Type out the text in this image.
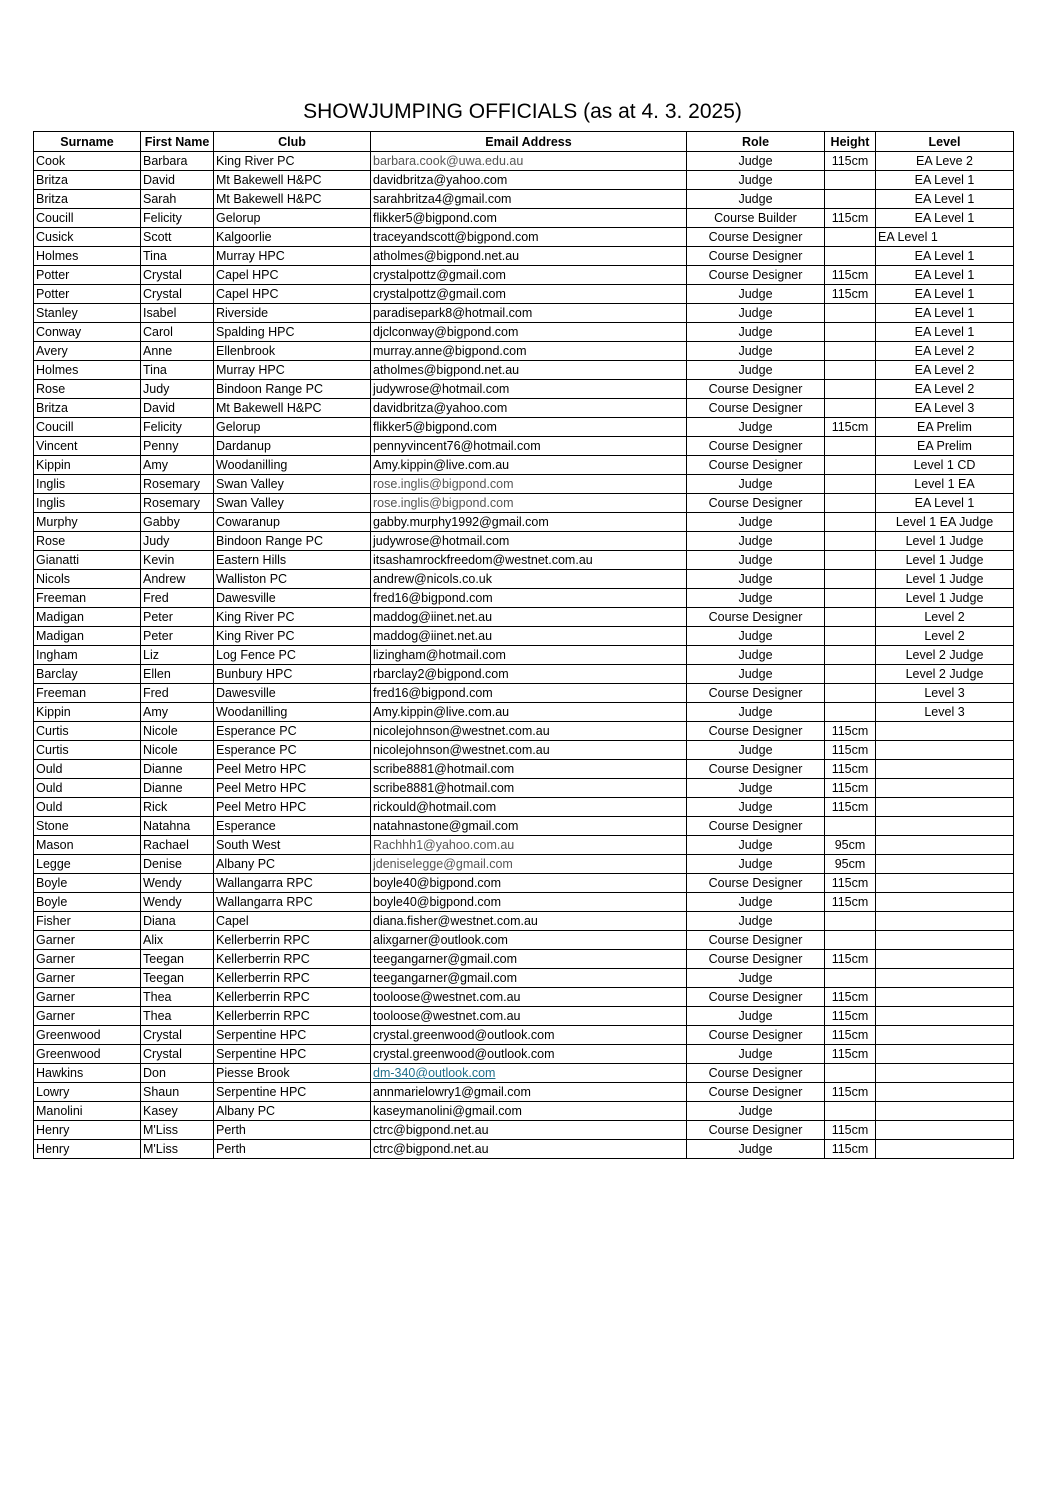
SHOWJUMPING OFFICIALS (as at 4. 3. 2025)
Surname	First Name	Club	Email Address	Role	Height	Level
Cook	Barbara	King River PC	barbara.cook@uwa.edu.au	Judge	115cm	EA Leve 2
Britza	David	Mt Bakewell H&PC	davidbritza@yahoo.com	Judge		EA Level 1
Britza	Sarah	Mt Bakewell H&PC	sarahbritza4@gmail.com	Judge		EA Level 1
Coucill	Felicity	Gelorup	flikker5@bigpond.com	Course Builder	115cm	EA Level 1
Cusick	Scott	Kalgoorlie	traceyandscott@bigpond.com	Course Designer		EA Level 1
Holmes	Tina	Murray HPC	atholmes@bigpond.net.au	Course Designer		EA Level 1
Potter	Crystal	Capel HPC	crystalpottz@gmail.com	Course Designer	115cm	EA Level 1
Potter	Crystal	Capel HPC	crystalpottz@gmail.com	Judge	115cm	EA Level 1
Stanley	Isabel	Riverside	paradisepark8@hotmail.com	Judge		EA Level 1
Conway	Carol	Spalding HPC	djclconway@bigpond.com	Judge		EA Level 1
Avery	Anne	Ellenbrook	murray.anne@bigpond.com	Judge		EA Level 2
Holmes	Tina	Murray HPC	atholmes@bigpond.net.au	Judge		EA Level 2
Rose	Judy	Bindoon Range PC	judywrose@hotmail.com	Course Designer		EA Level 2
Britza	David	Mt Bakewell H&PC	davidbritza@yahoo.com	Course Designer		EA Level 3
Coucill	Felicity	Gelorup	flikker5@bigpond.com	Judge	115cm	EA Prelim
Vincent	Penny	Dardanup	pennyvincent76@hotmail.com	Course Designer		EA Prelim
Kippin	Amy	Woodanilling	Amy.kippin@live.com.au	Course Designer		Level 1 CD
Inglis	Rosemary	Swan Valley	rose.inglis@bigpond.com	Judge		Level 1 EA
Inglis	Rosemary	Swan Valley	rose.inglis@bigpond.com	Course Designer		EA Level 1
Murphy	Gabby	Cowaranup	gabby.murphy1992@gmail.com	Judge		Level 1 EA Judge
Rose	Judy	Bindoon Range PC	judywrose@hotmail.com	Judge		Level 1 Judge
Gianatti	Kevin	Eastern Hills	itsashamrockfreedom@westnet.com.au	Judge		Level 1 Judge
Nicols	Andrew	Walliston PC	andrew@nicols.co.uk	Judge		Level 1 Judge
Freeman	Fred	Dawesville	fred16@bigpond.com	Judge		Level 1 Judge
Madigan	Peter	King River PC	maddog@iinet.net.au	Course Designer		Level 2
Madigan	Peter	King River PC	maddog@iinet.net.au	Judge		Level 2
Ingham	Liz	Log Fence PC	lizingham@hotmail.com	Judge		Level 2 Judge
Barclay	Ellen	Bunbury HPC	rbarclay2@bigpond.com	Judge		Level 2 Judge
Freeman	Fred	Dawesville	fred16@bigpond.com	Course Designer		Level 3
Kippin	Amy	Woodanilling	Amy.kippin@live.com.au	Judge		Level 3
Curtis	Nicole	Esperance PC	nicolejohnson@westnet.com.au	Course Designer	115cm	
Curtis	Nicole	Esperance PC	nicolejohnson@westnet.com.au	Judge	115cm	
Ould	Dianne	Peel Metro HPC	scribe8881@hotmail.com	Course Designer	115cm	
Ould	Dianne	Peel Metro HPC	scribe8881@hotmail.com	Judge	115cm	
Ould	Rick	Peel Metro HPC	rickould@hotmail.com	Judge	115cm	
Stone	Natahna	Esperance	natahnastone@gmail.com	Course Designer		
Mason	Rachael	South West	Rachhh1@yahoo.com.au	Judge	95cm	
Legge	Denise	Albany PC	jdeniselegge@gmail.com	Judge	95cm	
Boyle	Wendy	Wallangarra RPC	boyle40@bigpond.com	Course Designer	115cm	
Boyle	Wendy	Wallangarra RPC	boyle40@bigpond.com	Judge	115cm	
Fisher	Diana	Capel	diana.fisher@westnet.com.au	Judge		
Garner	Alix	Kellerberrin RPC	alixgarner@outlook.com	Course Designer		
Garner	Teegan	Kellerberrin RPC	teegangarner@gmail.com	Course Designer	115cm	
Garner	Teegan	Kellerberrin RPC	teegangarner@gmail.com	Judge		
Garner	Thea	Kellerberrin RPC	tooloose@westnet.com.au	Course Designer	115cm	
Garner	Thea	Kellerberrin RPC	tooloose@westnet.com.au	Judge	115cm	
Greenwood	Crystal	Serpentine HPC	crystal.greenwood@outlook.com	Course Designer	115cm	
Greenwood	Crystal	Serpentine HPC	crystal.greenwood@outlook.com	Judge	115cm	
Hawkins	Don	Piesse Brook	dm-340@outlook.com	Course Designer		
Lowry	Shaun	Serpentine HPC	annmarielowry1@gmail.com	Course Designer	115cm	
Manolini	Kasey	Albany PC	kaseymanolini@gmail.com	Judge		
Henry	M'Liss	Perth	ctrc@bigpond.net.au	Course Designer	115cm	
Henry	M'Liss	Perth	ctrc@bigpond.net.au	Judge	115cm	
